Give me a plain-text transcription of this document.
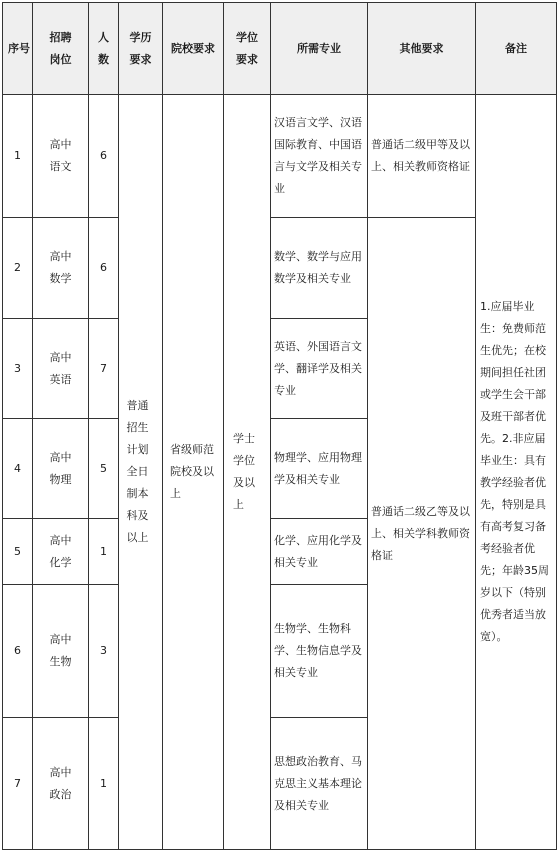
序号	招聘岗位	人数	学历要求	院校要求	学位要求	所需专业	其他要求	备注
1	高中语文	6	普通招生计划全日制本科及以上	省级师范院校及以上	学士学位及以上	汉语言文学、汉语国际教育、中国语言与文学及相关专业	普通话二级甲等及以上、相关教师资格证	1.应届毕业生：免费师范生优先；在校期间担任社团或学生会干部及班干部者优先。2.非应届毕业生：具有教学经验者优先，特别是具有高考复习备考经验者优先；年龄35周岁以下（特别优秀者适当放宽）。

2	高中数学	6				数学、数学与应用数学及相关专业	普通话二级乙等及以上、相关学科教师资格证	
3	高中英语	7				英语、外国语言文学、翻译学及相关专业		
4	高中物理	5				物理学、应用物理学及相关专业		
5	高中化学	1				化学、应用化学及相关专业		
6	高中生物	3				生物学、生物科学、生物信息学及相关专业		
7	高中政治	1				思想政治教育、马克思主义基本理论及相关专业		
